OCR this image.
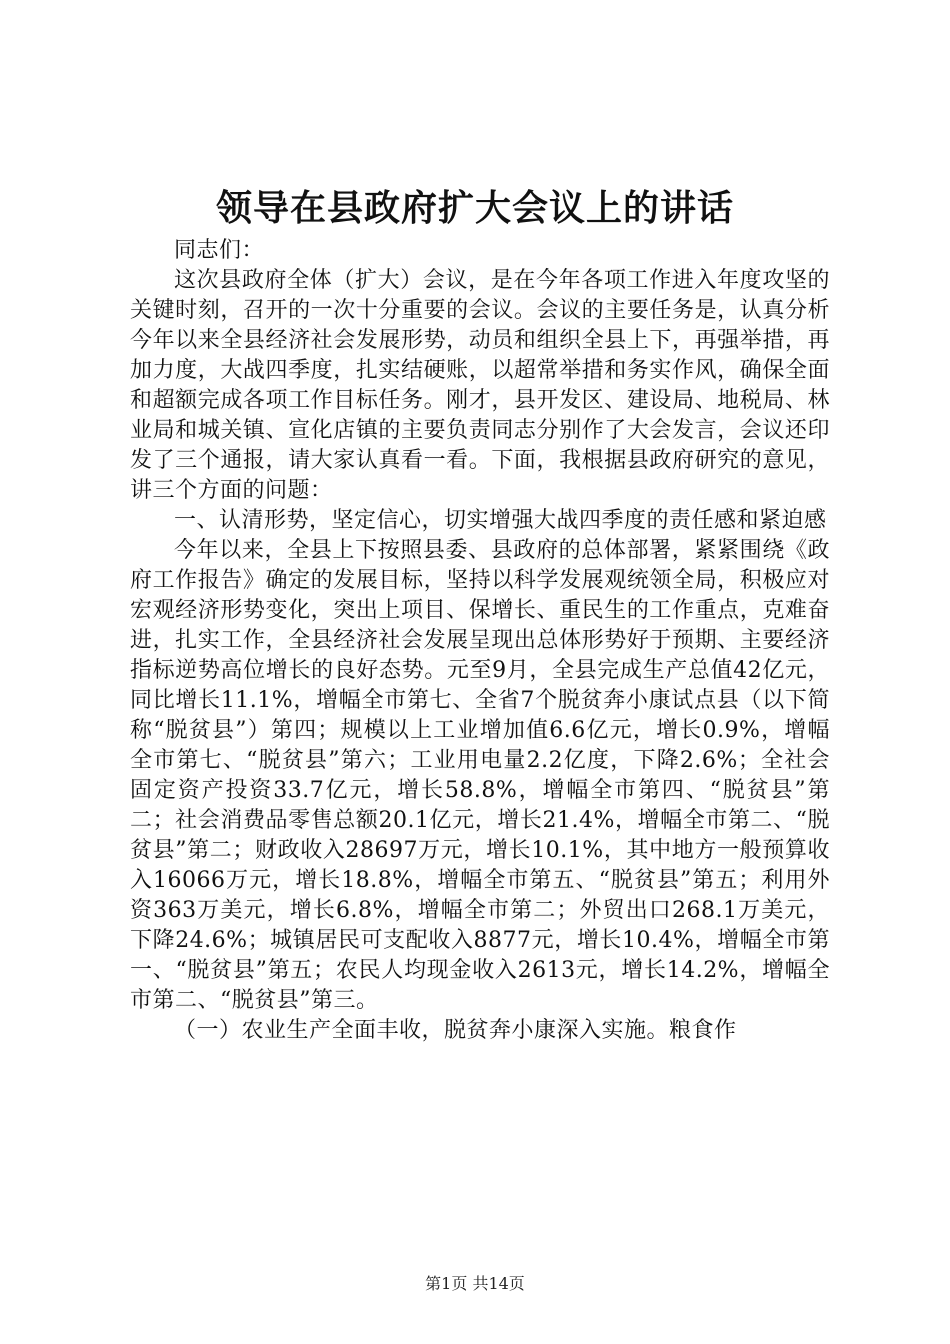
领导在县政府扩大会议上的讲话

同志们：

这次县政府全体（扩大）会议，是在今年各项工作进入年度攻坚的关键时刻，召开的一次十分重要的会议。会议的主要任务是，认真分析今年以来全县经济社会发展形势，动员和组织全县上下，再强举措，再加力度，大战四季度，扎实结硬账，以超常举措和务实作风，确保全面和超额完成各项工作目标任务。刚才，县开发区、建设局、地税局、林业局和城关镇、宣化店镇的主要负责同志分别作了大会发言，会议还印发了三个通报，请大家认真看一看。下面，我根据县政府研究的意见，讲三个方面的问题：

一、认清形势，坚定信心，切实增强大战四季度的责任感和紧迫感

今年以来，全县上下按照县委、县政府的总体部署，紧紧围绕《政府工作报告》确定的发展目标，坚持以科学发展观统领全局，积极应对宏观经济形势变化，突出上项目、保增长、重民生的工作重点，克难奋进，扎实工作，全县经济社会发展呈现出总体形势好于预期、主要经济指标逆势高位增长的良好态势。元至9月，全县完成生产总值42亿元，同比增长11.1%，增幅全市第七、全省7个脱贫奔小康试点县（以下简称“脱贫县”）第四；规模以上工业增加值6.6亿元，增长0.9%，增幅全市第七、“脱贫县”第六；工业用电量2.2亿度，下降2.6%；全社会固定资产投资33.7亿元，增长58.8%，增幅全市第四、“脱贫县”第二；社会消费品零售总额20.1亿元，增长21.4%，增幅全市第二、“脱贫县”第二；财政收入28697万元，增长10.1%，其中地方一般预算收入16066万元，增长18.8%，增幅全市第五、“脱贫县”第五；利用外资363万美元，增长6.8%，增幅全市第二；外贸出口268.1万美元，下降24.6%；城镇居民可支配收入8877元，增长10.4%，增幅全市第一、“脱贫县”第五；农民人均现金收入2613元，增长14.2%，增幅全市第二、“脱贫县”第三。

（一）农业生产全面丰收，脱贫奔小康深入实施。粮食作

第1页 共14页
